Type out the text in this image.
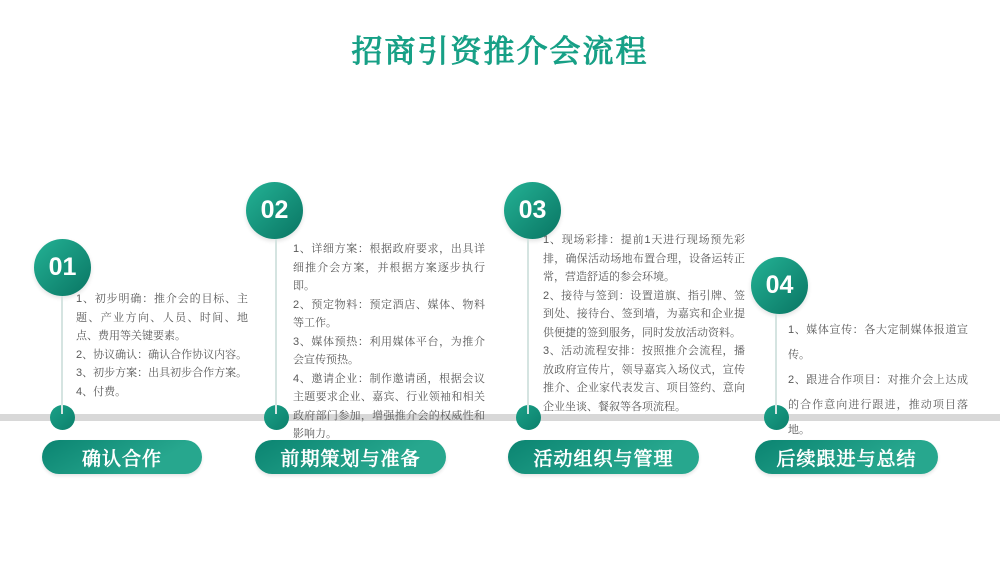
招商引资推介会流程
01

1、初步明确：推介会的目标、主题、产业方向、人员、时间、地点、费用等关键要素。

2、协议确认：确认合作协议内容。

3、初步方案：出具初步合作方案。

4、付费。

02

1、详细方案：根据政府要求，出具详细推介会方案，并根据方案逐步执行即。

2、预定物料：预定酒店、媒体、物料等工作。

3、媒体预热：利用媒体平台，为推介会宣传预热。

4、邀请企业：制作邀请函，根据会议主题要求企业、嘉宾、行业领袖和相关政府部门参加，增强推介会的权威性和影响力。

03

1、现场彩排：提前1天进行现场预先彩排，确保活动场地布置合理，设备运转正常，营造舒适的参会环境。

2、接待与签到：设置道旗、指引牌、签到处、接待台、签到墙，为嘉宾和企业提供便捷的签到服务，同时发放活动资料。

3、活动流程安排：按照推介会流程，播放政府宣传片，领导嘉宾入场仪式，宣传推介、企业家代表发言、项目签约、意向企业坐谈、餐叙等各项流程。

04

1、媒体宣传：各大定制媒体报道宣传。

2、跟进合作项目：对推介会上达成的合作意向进行跟进，推动项目落地。

确认合作	前期策划与准备	活动组织与管理	后续跟进与总结
